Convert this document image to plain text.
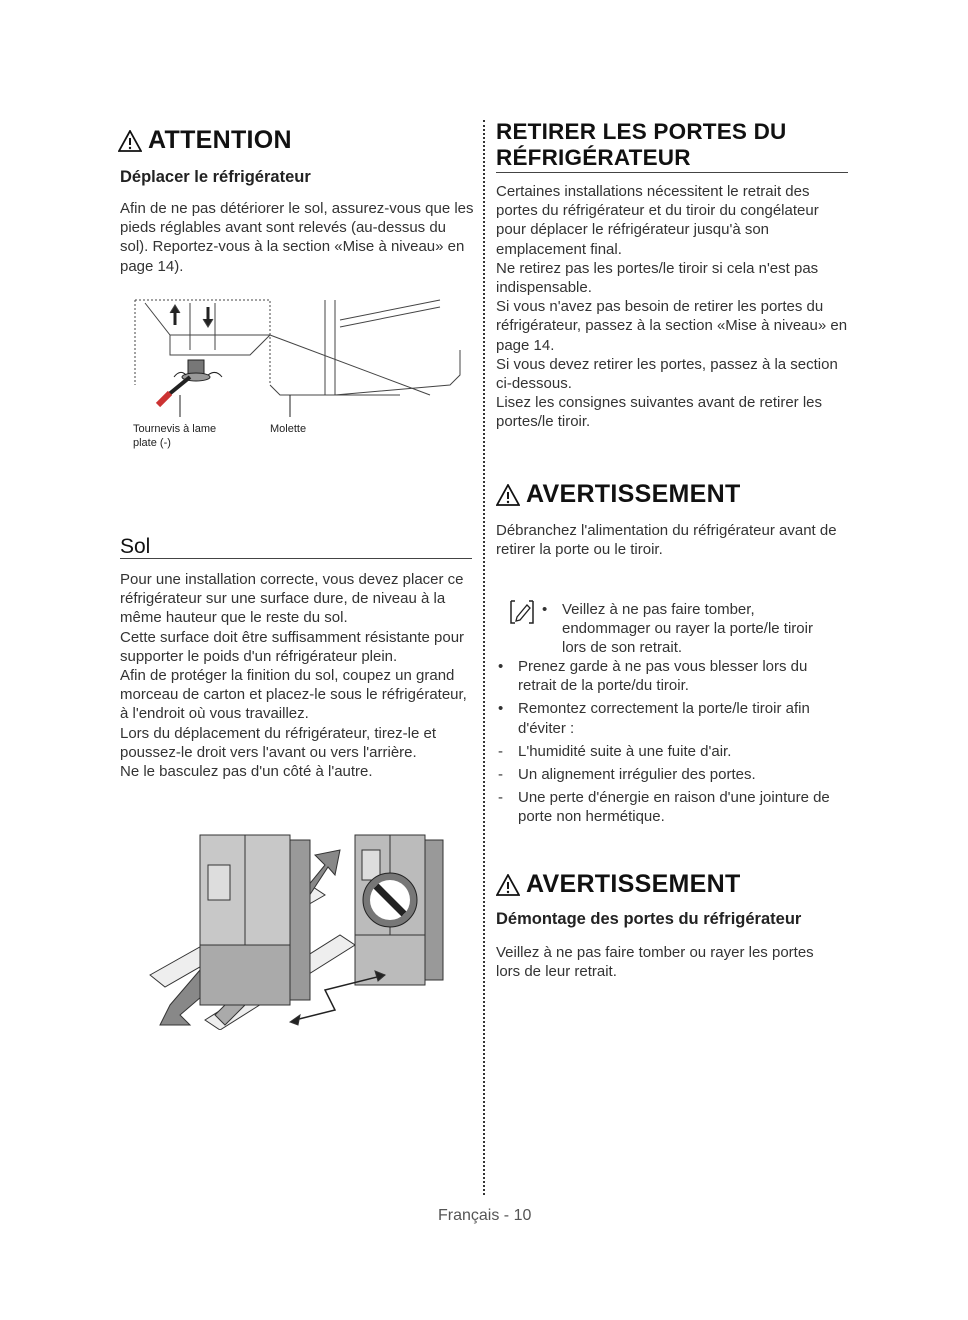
ATTENTION
Déplacer le réfrigérateur

Afin de ne pas détériorer le sol, assurez-vous que les pieds réglables avant sont relevés (au-dessus du sol). Reportez-vous à la section «Mise à niveau» en page 14).

Tournevis à lame plate (-)
Molette
Sol

Pour une installation correcte, vous devez placer ce réfrigérateur sur une surface dure, de niveau à la même hauteur que le reste du sol.

Cette surface doit être suffisamment résistante pour supporter le poids d'un réfrigérateur plein.

Afin de protéger la finition du sol, coupez un grand morceau de carton et placez-le sous le réfrigérateur, à l'endroit où vous travaillez.

Lors du déplacement du réfrigérateur, tirez-le et poussez-le droit vers l'avant ou vers l'arrière.

Ne le basculez pas d'un côté à l'autre.

RETIRER LES PORTES DU
RÉFRIGÉRATEUR

Certaines installations nécessitent le retrait des portes du réfrigérateur et du tiroir du congélateur pour déplacer le réfrigérateur jusqu'à son emplacement final.

Ne retirez pas les portes/le tiroir si cela n'est pas indispensable.

Si vous n'avez pas besoin de retirer les portes du réfrigérateur, passez à la section «Mise à niveau» en page 14.

Si vous devez retirer les portes, passez à la section ci-dessous.

Lisez les consignes suivantes avant de retirer les portes/le tiroir.

AVERTISSEMENT

Débranchez l'alimentation du réfrigérateur avant de retirer la porte ou le tiroir.

• Veillez à ne pas faire tomber, endommager ou rayer la porte/le tiroir lors de son retrait.
• Prenez garde à ne pas vous blesser lors du retrait de la porte/du tiroir.
• Remontez correctement la porte/le tiroir afin d'éviter :
- L'humidité suite à une fuite d'air.
- Un alignement irrégulier des portes.
- Une perte d'énergie en raison d'une jointure de porte non hermétique.
AVERTISSEMENT
Démontage des portes du réfrigérateur

Veillez à ne pas faire tomber ou rayer les portes lors de leur retrait.

Français - 10
